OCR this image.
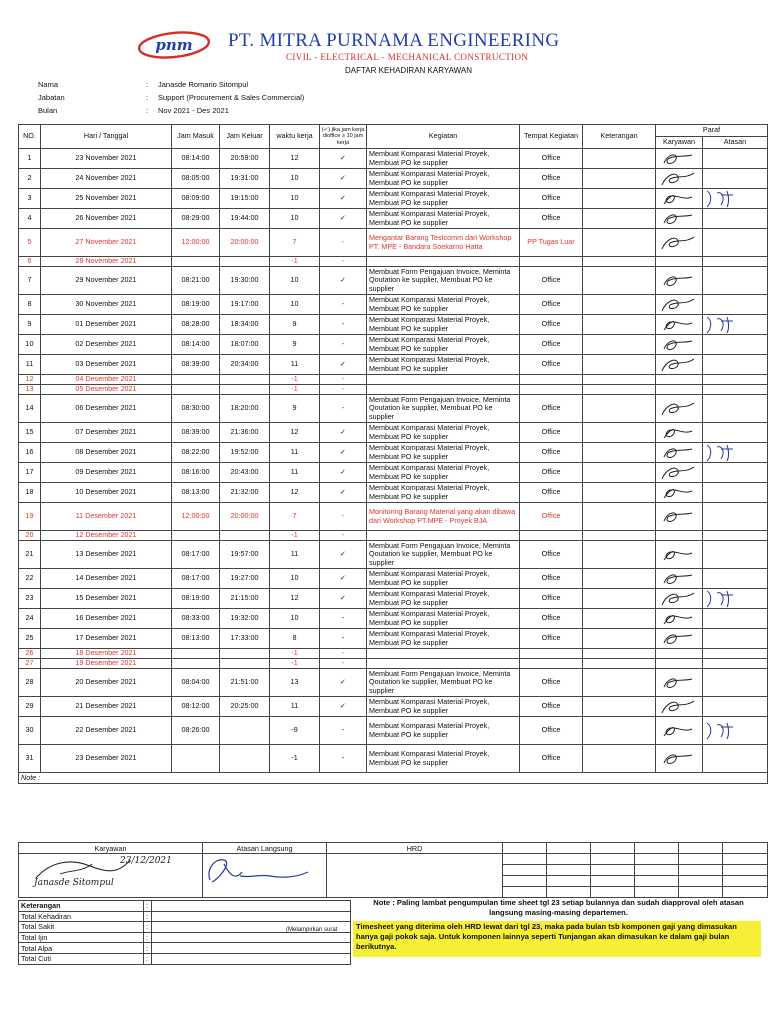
pnm PT. MITRA PURNAMA ENGINEERING
CIVIL - ELECTRICAL - MECHANICAL CONSTRUCTION
DAFTAR KEHADIRAN KARYAWAN
Nama	:	Janasde Romario Sitompul
Jabatan	:	Support (Procurement & Sales Commercial)
Bulan	:	Nov 2021 - Des 2021
NO.	Hari / Tanggal	Jam Masuk	Jam Keluar	waktu kerja	(✓) jika jam kerja dioffice ≥ 10 jam kerja	Kegiatan	Tempat Kegiatan	Keterangan	Paraf	
									Karyawan	Atasan
1	23 November 2021	08:14:00	20:59:00	12	✓	Membuat Komparasi Material Proyek, Membuat PO ke supplier	Office		

2	24 November 2021	08:05:00	19:31:00	10	✓	Membuat Komparasi Material Proyek, Membuat PO ke supplier	Office		

3	25 November 2021	08:09:00	19:15:00	10	✓	Membuat Komparasi Material Proyek, Membuat PO ke supplier	Office		

4	26 November 2021	08:29:00	19:44:00	10	✓	Membuat Komparasi Material Proyek, Membuat PO ke supplier	Office		

5	27 November 2021	12:00:00	20:00:00	7	-	Mengantar Barang Testcomm dari Workshop PT. MPE - Bandara Soekarno Hatta	PP Tugas Luar		

6	28 November 2021			-1	-					
7	29 November 2021	08:21:00	19:30:00	10	✓	Membuat Form Pengajuan Invoice, Meminta Qoutation ke supplier, Membuat PO ke supplier	Office		

8	30 November 2021	08:19:00	19:17:00	10	-	Membuat Komparasi Material Proyek, Membuat PO ke supplier	Office		

9	01 Desember 2021	08:28:00	18:34:00	9	-	Membuat Komparasi Material Proyek, Membuat PO ke supplier	Office		

10	02 Desember 2021	08:14:00	18:07:00	9	-	Membuat Komparasi Material Proyek, Membuat PO ke supplier	Office		

11	03 Desember 2021	08:39:00	20:34:00	11	✓	Membuat Komparasi Material Proyek, Membuat PO ke supplier	Office		

12	04 Desember 2021			-1	-					
13	05 Desember 2021			-1	-					
14	06 Desember 2021	08:30:00	18:20:00	9	-	Membuat Form Pengajuan Invoice, Meminta Qoutation ke supplier, Membuat PO ke supplier	Office		

15	07 Desember 2021	08:39:00	21:36:00	12	✓	Membuat Komparasi Material Proyek, Membuat PO ke supplier	Office		

16	08 Desember 2021	08:22:00	19:52:00	11	✓	Membuat Komparasi Material Proyek, Membuat PO ke supplier	Office		

17	09 Desember 2021	08:16:00	20:43:00	11	✓	Membuat Komparasi Material Proyek, Membuat PO ke supplier	Office		

18	10 Desember 2021	08:13:00	21:32:00	12	✓	Membuat Komparasi Material Proyek, Membuat PO ke supplier	Office		

19	11 Desember 2021	12:00:00	20:00:00	7	-	Monitoring Barang Material yang akan dibawa dari Workshop PT.MPE - Proyek BJA	Office		

20	12 Desember 2021			-1	-					
21	13 Desember 2021	08:17:00	19:57:00	11	✓	Membuat Form Pengajuan Invoice, Meminta Qoutation ke supplier, Membuat PO ke supplier	Office		

22	14 Desember 2021	08:17:00	19:27:00	10	✓	Membuat Komparasi Material Proyek, Membuat PO ke supplier	Office		

23	15 Desember 2021	08:19:00	21:15:00	12	✓	Membuat Komparasi Material Proyek, Membuat PO ke supplier	Office		

24	16 Desember 2021	08:33:00	19:32:00	10	-	Membuat Komparasi Material Proyek, Membuat PO ke supplier	Office		

25	17 Desember 2021	08:13:00	17:33:00	8	-	Membuat Komparasi Material Proyek, Membuat PO ke supplier	Office		

26	18 Desember 2021			-1	-					
27	19 Desember 2021			-1	-					
28	20 Desember 2021	08:04:00	21:51:00	13	✓	Membuat Form Pengajuan Invoice, Meminta Qoutation ke supplier, Membuat PO ke supplier	Office		

29	21 Desember 2021	08:12:00	20:25:00	11	✓	Membuat Komparasi Material Proyek, Membuat PO ke supplier	Office		

30	22 Desember 2021	08:26:00		-9	-	Membuat Komparasi Material Proyek, Membuat PO ke supplier	Office		

31	23 Desember 2021			-1	-	Membuat Komparasi Material Proyek, Membuat PO ke supplier	Office		

Note :										
Karyawan	Atasan Langsung	HRD						

23/12/2021
Janasde Sitompul
Keterangan	:	
Total Kehadiran	:	
Total Sakit	:	
Total Ijin	:	
Total Alpa	:	
Total Cuti	:	
(Melampirkan surat
Note : Paling lambat pengumpulan time sheet tgl 23 setiap bulannya dan sudah diapproval oleh atasan langsung masing-masing departemen.
Timesheet yang diterima oleh HRD lewat dari tgl 23, maka pada bulan tsb komponen gaji yang dimasukan hanya gaji pokok saja. Untuk komponen lainnya seperti Tunjangan akan dimasukan ke dalam gaji bulan berikutnya.
